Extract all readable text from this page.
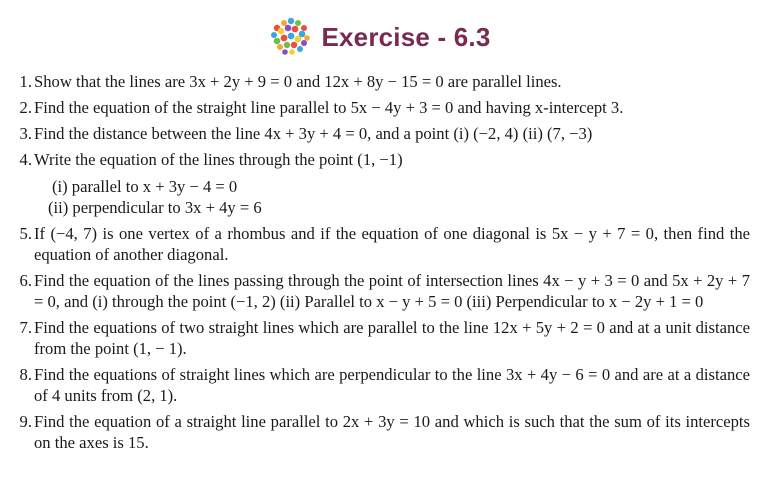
Exercise - 6.3
1. Show that the lines are 3x + 2y + 9 = 0 and 12x + 8y − 15 = 0 are parallel lines.
2. Find the equation of the straight line parallel to 5x − 4y + 3 = 0 and having x-intercept 3.
3. Find the distance between the line 4x + 3y + 4 = 0, and a point (i) (−2, 4) (ii) (7, −3)
4. Write the equation of the lines through the point (1, −1)
(i) parallel to x + 3y − 4 = 0
(ii) perpendicular to 3x + 4y = 6
5. If (−4, 7) is one vertex of a rhombus and if the equation of one diagonal is 5x − y + 7 = 0, then find the equation of another diagonal.
6. Find the equation of the lines passing through the point of intersection lines 4x − y + 3 = 0 and 5x + 2y + 7 = 0, and (i) through the point (−1, 2) (ii) Parallel to x − y + 5 = 0 (iii) Perpendicular to x − 2y + 1 = 0
7. Find the equations of two straight lines which are parallel to the line 12x + 5y + 2 = 0 and at a unit distance from the point (1, − 1).
8. Find the equations of straight lines which are perpendicular to the line 3x + 4y − 6 = 0 and are at a distance of 4 units from (2, 1).
9. Find the equation of a straight line parallel to 2x + 3y = 10 and which is such that the sum of its intercepts on the axes is 15.
